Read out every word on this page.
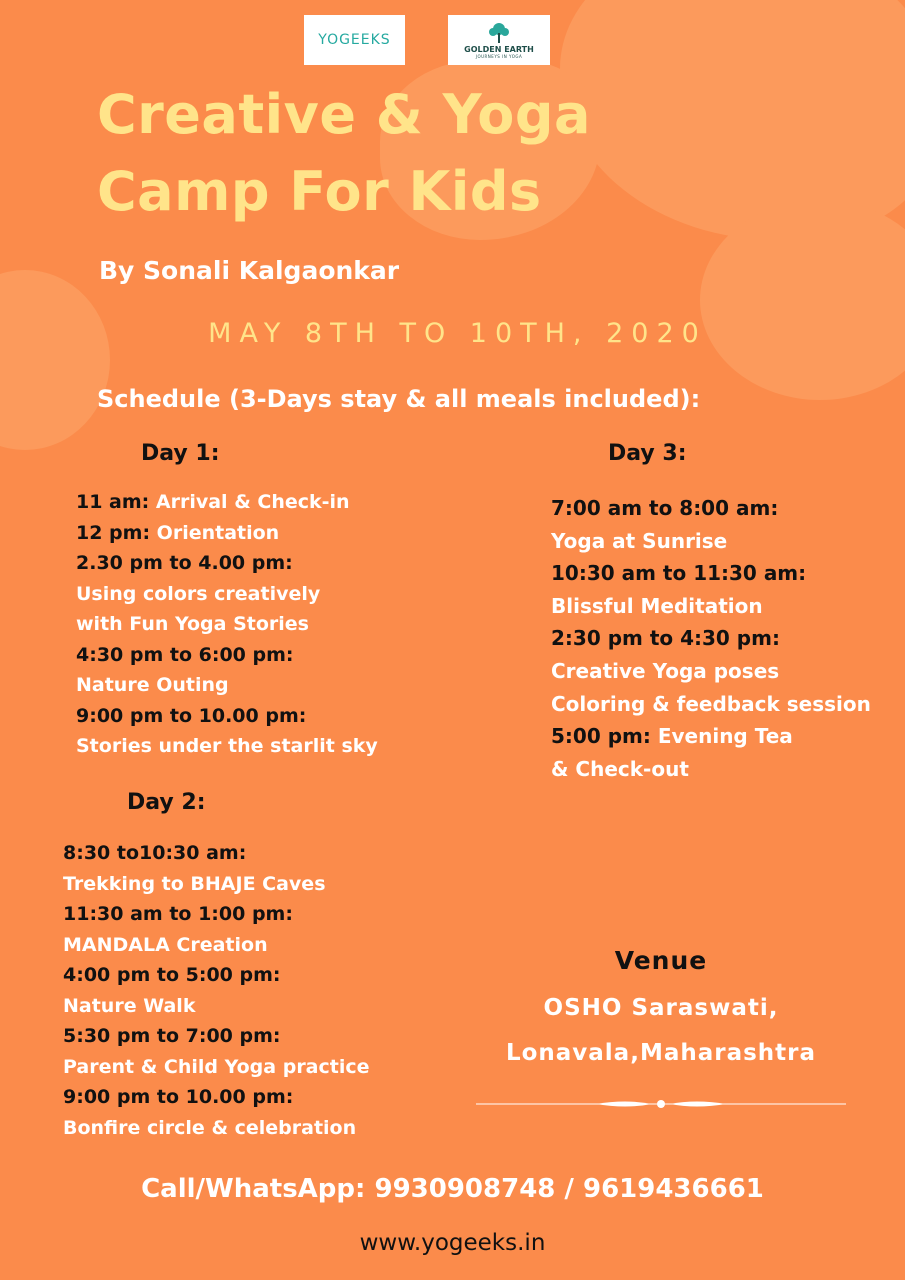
YOGEEKS
GOLDEN EARTH
JOURNEYS IN YOGA
Creative & Yoga
Camp For Kids
By Sonali Kalgaonkar
MAY 8TH TO 10TH, 2020
Schedule (3-Days stay & all meals included):
Day 1:
11 am: Arrival & Check-in
12 pm: Orientation
2.30 pm to 4.00 pm:
Using colors creatively
with Fun Yoga Stories
4:30 pm to 6:00 pm:
Nature Outing
9:00 pm to 10.00 pm:
Stories under the starlit sky
Day 2:
8:30 to10:30 am:
Trekking to BHAJE Caves
11:30 am to 1:00 pm:
MANDALA Creation
4:00 pm to 5:00 pm:
Nature Walk
5:30 pm to 7:00 pm:
Parent & Child Yoga practice
9:00 pm to 10.00 pm:
Bonfire circle & celebration
Day 3:
7:00 am to 8:00 am:
Yoga at Sunrise
10:30 am to 11:30 am:
Blissful Meditation
2:30 pm to 4:30 pm:
Creative Yoga poses
Coloring & feedback session
5:00 pm: Evening Tea
& Check-out
Venue
OSHO Saraswati,
Lonavala,Maharashtra
Call/WhatsApp: 9930908748 / 9619436661
www.yogeeks.in
